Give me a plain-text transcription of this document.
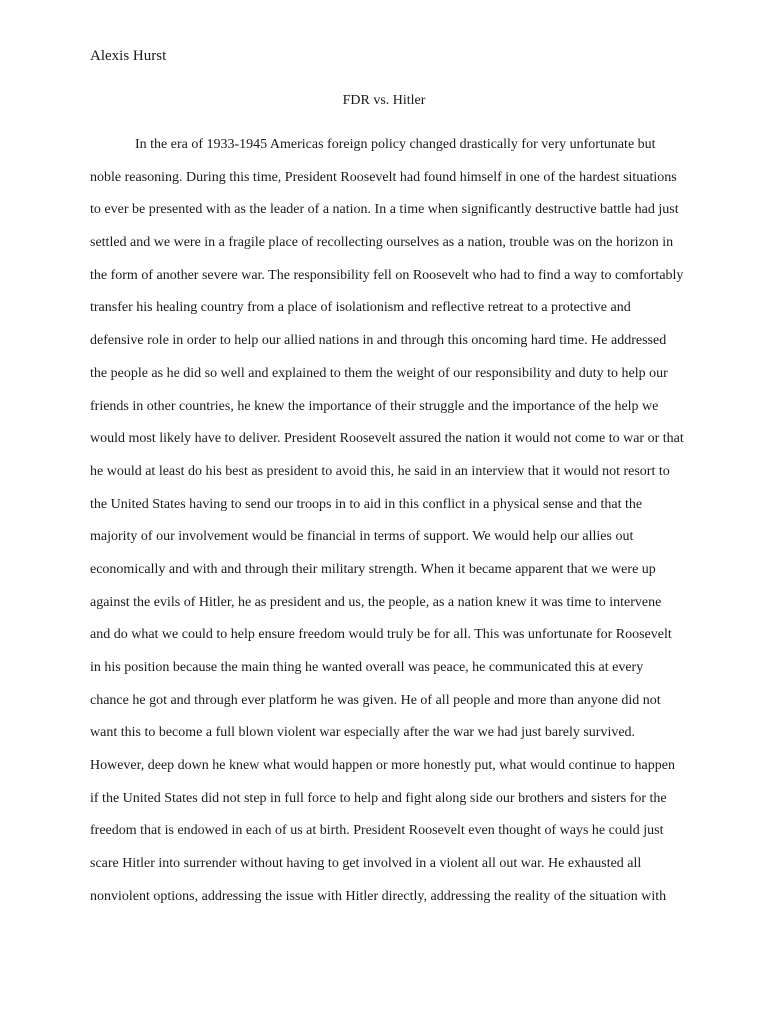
Alexis Hurst
FDR vs. Hitler
In the era of 1933-1945 Americas foreign policy changed drastically for very unfortunate but
noble reasoning. During this time, President Roosevelt had found himself in one of the hardest situations
to ever be presented with as the leader of a nation. In a time when significantly destructive battle had just
settled and we were in a fragile place of recollecting ourselves as a nation, trouble was on the horizon in
the form of another severe war. The responsibility fell on Roosevelt who had to find a way to comfortably
transfer his healing country from a place of isolationism and reflective retreat to a protective and
defensive role in order to help our allied nations in and through this oncoming hard time. He addressed
the people as he did so well and explained to them the weight of our responsibility and duty to help our
friends in other countries, he knew the importance of their struggle and the importance of the help we
would most likely have to deliver. President Roosevelt assured the nation it would not come to war or that
he would at least do his best as president to avoid this, he said in an interview that it would not resort to
the United States having to send our troops in to aid in this conflict in a physical sense and that the
majority of our involvement would be financial in terms of support. We would help our allies out
economically and with and through their military strength. When it became apparent that we were up
against the evils of Hitler, he as president and us, the people, as a nation knew it was time to intervene
and do what we could to help ensure freedom would truly be for all. This was unfortunate for Roosevelt
in his position because the main thing he wanted overall was peace, he communicated this at every
chance he got and through ever platform he was given. He of all people and more than anyone did not
want this to become a full blown violent war especially after the war we had just barely survived.
However, deep down he knew what would happen or more honestly put, what would continue to happen
if the United States did not step in full force to help and fight along side our brothers and sisters for the
freedom that is endowed in each of us at birth. President Roosevelt even thought of ways he could just
scare Hitler into surrender without having to get involved in a violent all out war. He exhausted all
nonviolent options, addressing the issue with Hitler directly, addressing the reality of the situation with
